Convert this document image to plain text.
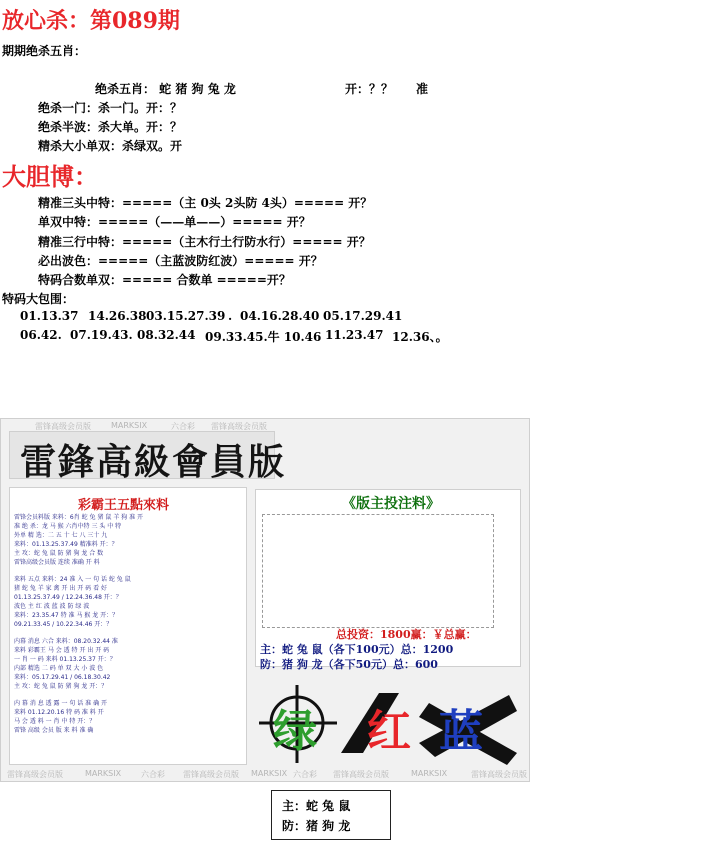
放心杀：第089期
期期绝杀五肖：
绝杀五肖： 蛇 猪 狗 兔 龙	开：？？ 准
绝杀一门：杀一门。开：？
绝杀半波：杀大单。开：？
精杀大小单双：杀绿双。开
大胆博：
精准三头中特：=====（主 0头 2头防 4头）===== 开？
单双中特：=====（——单——）===== 开？
精准三行中特：=====（主木行土行防水行）===== 开？
必出波色：=====（主蓝波防红波）===== 开？
特码合数单双：===== 合数单 =====开？
特码大包围：
01.13.37 14.26.38 03.15.27.39 . 04.16.28.40 05.17.29.41
06.42. 07.19.43. 08.32.44 09.33.45.牛 10.46 11.23.47 12.36、。
雷锋高级会员版	MARKSIX	六合彩 雷锋高级会员版
雷锋高级会员版	MARKSIX 六合彩 雷锋高级会员版 MARKSIX 六合彩 雷锋高级会员版	MARKSIX	雷锋高级会员版
雷鋒高級會員版
彩霸王五點來料
雷锋会员料版 来料：6肖 蛇 兔 猪 鼠 羊 狗 准 开
准 绝 杀：龙 马 猴 六肖中特 三 头 中 特
外单 精 选：二 五 十 七 八 三十 九
来料：01.13.25.37.49 精准料 开：？
主 攻：蛇 兔 鼠 防 猪 狗 龙 合 数
雷锋高级会员版 连续 准确 开 料
来料 五点 来料：24 准 入 一 句 话 蛇 兔 鼠
猪 蛇 兔 羊 家 禽 开 出 开 码 看 好
01.13.25.37.49 / 12.24.36.48 开：？
波色 主 红 波 蓝 波 防 绿 波
来料：23.35.47 特 准 马 猴 龙 开：？
09.21.33.45 / 10.22.34.46 开：？
内幕 消息 六合 来料：08.20.32.44 准
来料 彩霸王 马 会 透 特 开 出 开 码
一 肖 一 码 来料 01.13.25.37 开：？
内部 精选 二 码 单 双 大 小 波 色
来料：05.17.29.41 / 06.18.30.42
主 攻：蛇 兔 鼠 防 猪 狗 龙 开：？
内 幕 消 息 透 露 一 句 话 准 确 开
来料 01.12.20.16 特 码 准 料 开
马 会 透 料 一 肖 中 特 开：？
雷锋 高级 会员 版 来 料 准 确
《版主投注料》
总投资：1800赢：￥总赢：
主：蛇 兔 鼠（各下100元）总：1200
防：猪 狗 龙（各下50元）总：600
绿 红 蓝
主：蛇 兔 鼠
防：猪 狗 龙
